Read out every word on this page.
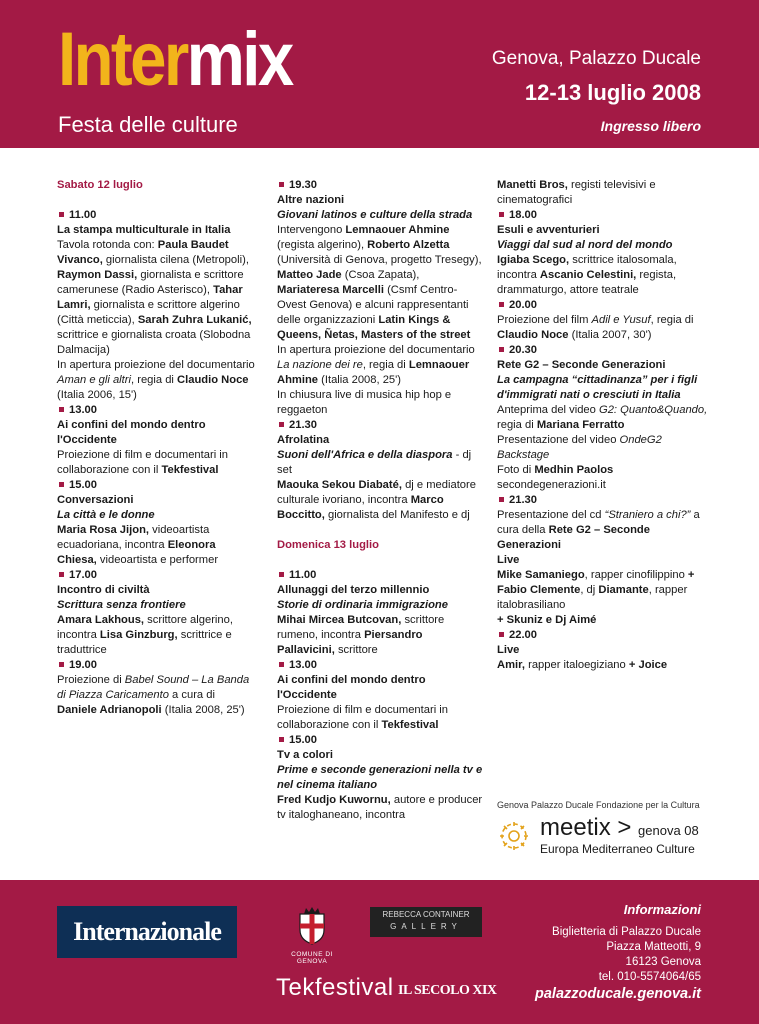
Intermix
Festa delle culture
Genova, Palazzo Ducale
12-13 luglio 2008
Ingresso libero

Sabato 12 luglio

11.00

La stampa multiculturale in Italia

Tavola rotonda con: Paula Baudet Vivanco, giornalista cilena (Metropoli), Raymon Dassi, giornalista e scrittore camerunese (Radio Asterisco), Tahar Lamri, giornalista e scrittore algerino (Città meticcia), Sarah Zuhra Lukanić, scrittrice e giornalista croata (Slobodna Dalmacija)

In apertura proiezione del documentario Aman e gli altri, regia di Claudio Noce (Italia 2006, 15')

13.00

Ai confini del mondo dentro l'Occidente

Proiezione di film e documentari in collaborazione con il Tekfestival

15.00

Conversazioni

La città e le donne

Maria Rosa Jijon, videoartista ecuadoriana, incontra Eleonora Chiesa, videoartista e performer

17.00

Incontro di civiltà

Scrittura senza frontiere

Amara Lakhous, scrittore algerino, incontra Lisa Ginzburg, scrittrice e traduttrice

19.00

Proiezione di Babel Sound – La Banda di Piazza Caricamento a cura di Daniele Adrianopoli (Italia 2008, 25')

19.30

Altre nazioni

Giovani latinos e culture della strada

Intervengono Lemnaouer Ahmine (regista algerino), Roberto Alzetta (Università di Genova, progetto Tresegy), Matteo Jade (Csoa Zapata), Mariateresa Marcelli (Csmf Centro-Ovest Genova) e alcuni rappresentanti delle organizzazioni Latin Kings & Queens, Ñetas, Masters of the street

In apertura proiezione del documentario La nazione dei re, regia di Lemnaouer Ahmine (Italia 2008, 25')

In chiusura live di musica hip hop e reggaeton

21.30

Afrolatina

Suoni dell'Africa e della diaspora - dj set

Maouka Sekou Diabaté, dj e mediatore culturale ivoriano, incontra Marco Boccitto, giornalista del Manifesto e dj

Domenica 13 luglio

11.00

Allunaggi del terzo millennio

Storie di ordinaria immigrazione

Mihai Mircea Butcovan, scrittore rumeno, incontra Piersandro Pallavicini, scrittore

13.00

Ai confini del mondo dentro l'Occidente

Proiezione di film e documentari in collaborazione con il Tekfestival

15.00

Tv a colori

Prime e seconde generazioni nella tv e nel cinema italiano

Fred Kudjo Kuwornu, autore e producer tv italoghaneano, incontra

Manetti Bros, registi televisivi e cinematografici

18.00

Esuli e avventurieri

Viaggi dal sud al nord del mondo

Igiaba Scego, scrittrice italosomala, incontra Ascanio Celestini, regista, drammaturgo, attore teatrale

20.00

Proiezione del film Adil e Yusuf, regia di Claudio Noce (Italia 2007, 30')

20.30

Rete G2 – Seconde Generazioni

La campagna “cittadinanza” per i figli d'immigrati nati o cresciuti in Italia

Anteprima del video G2: Quanto&Quando, regia di Mariana Ferratto

Presentazione del video OndeG2 Backstage

Foto di Medhin Paolos

secondegenerazioni.it

21.30

Presentazione del cd “Straniero a chi?” a cura della Rete G2 – Seconde Generazioni

Live

Mike Samaniego, rapper cinofilippino + Fabio Clemente, dj Diamante, rapper italobrasiliano

+ Skuniz e Dj Aimé

22.00

Live

Amir, rapper italoegiziano + Joice

Genova Palazzo Ducale Fondazione per la Cultura
meetix > genova 08
Europa Mediterraneo Culture
Internazionale
COMUNE DI GENOVA
REBECCA CONTAINER
GALLERY
Tekfestival IL SECOLO XIX
Informazioni
Biglietteria di Palazzo Ducale
Piazza Matteotti, 9
16123 Genova
tel. 010-5574064/65
palazzoducale.genova.it
